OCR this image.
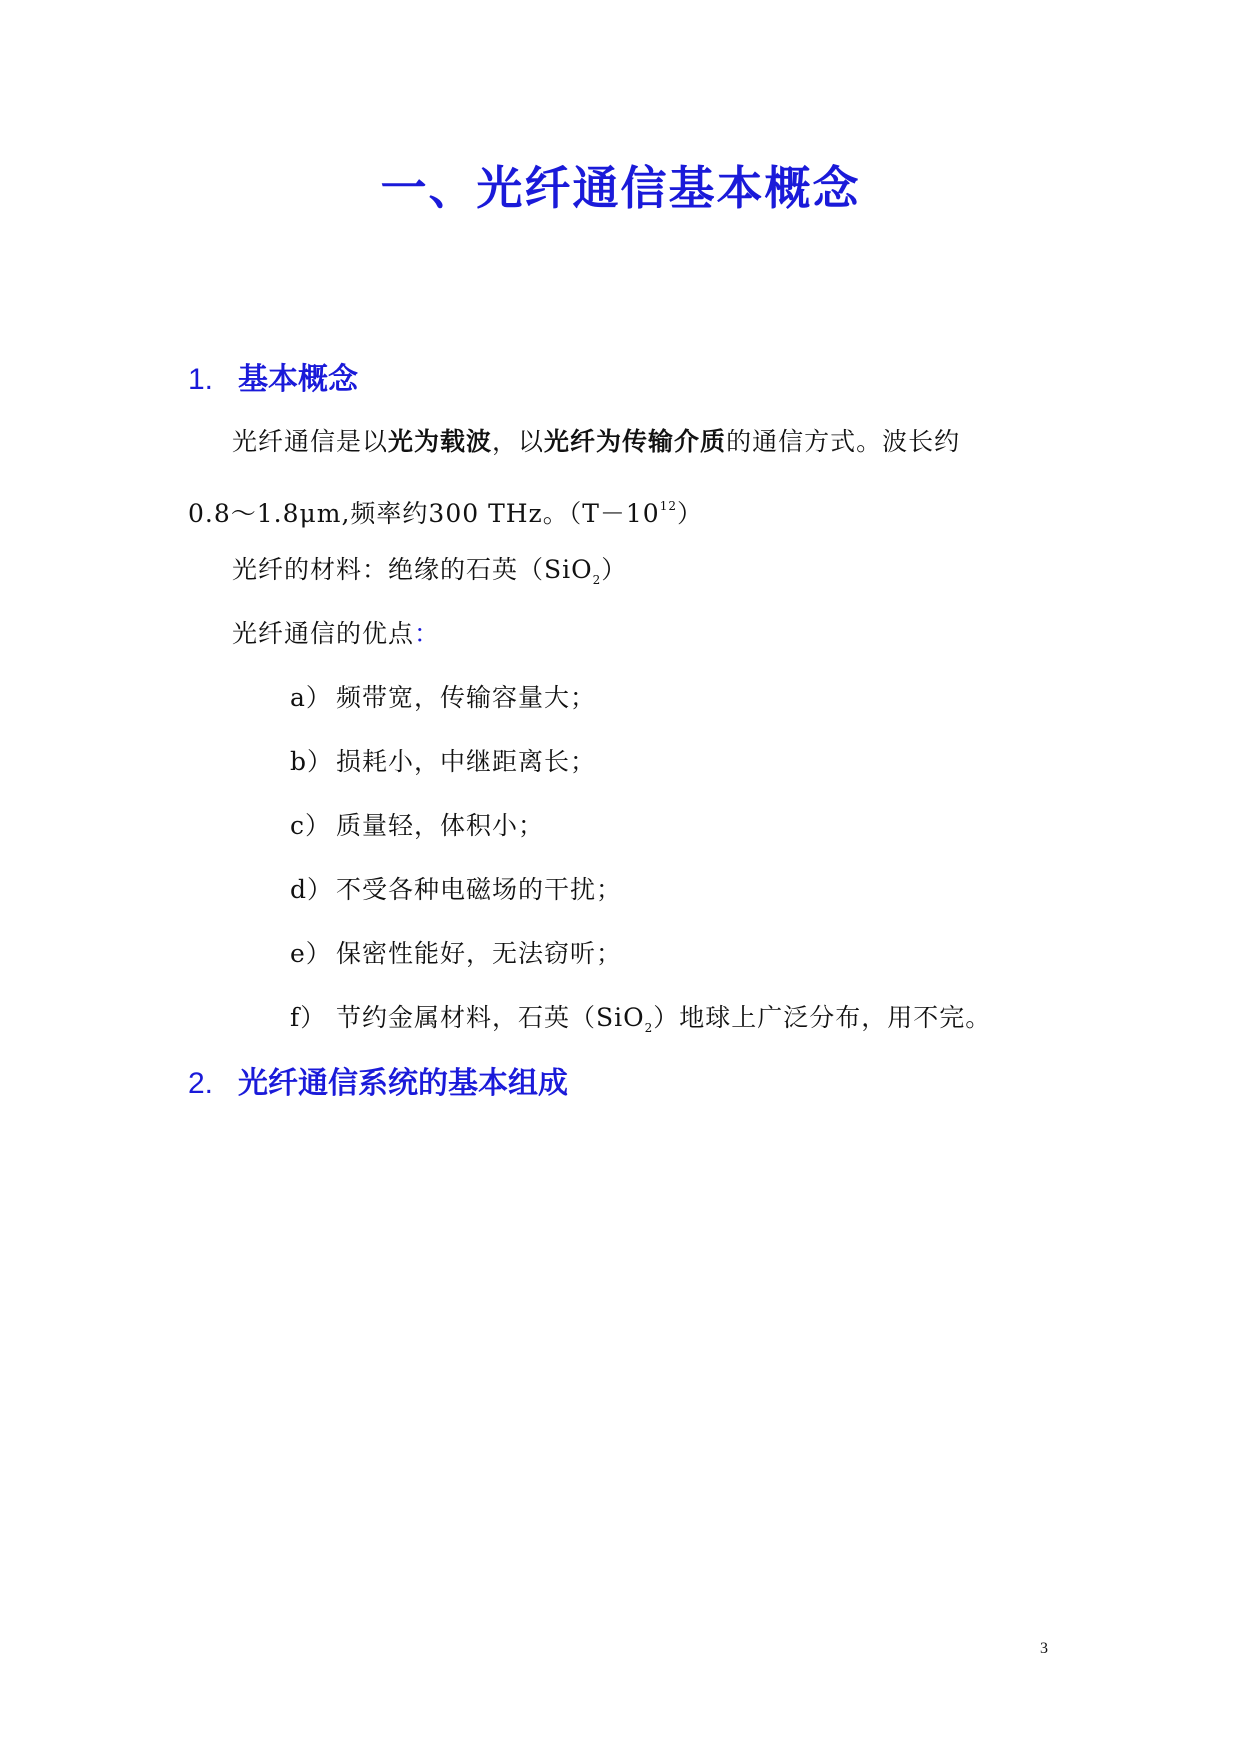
一、光纤通信基本概念
1. 基本概念
光纤通信是以光为载波，以光纤为传输介质的通信方式。波长约
0.8～1.8μm,频率约300 THz。$(T-10^{12})$
光纤的材料：绝缘的石英（SiO$_2$）
光纤通信的优点：
a） 频带宽，传输容量大；
b） 损耗小，中继距离长；
c） 质量轻，体积小；
d） 不受各种电磁场的干扰；
e） 保密性能好，无法窃听；
f） 节约金属材料，石英（SiO$_2$）地球上广泛分布，用不完。
2. 光纤通信系统的基本组成
3
